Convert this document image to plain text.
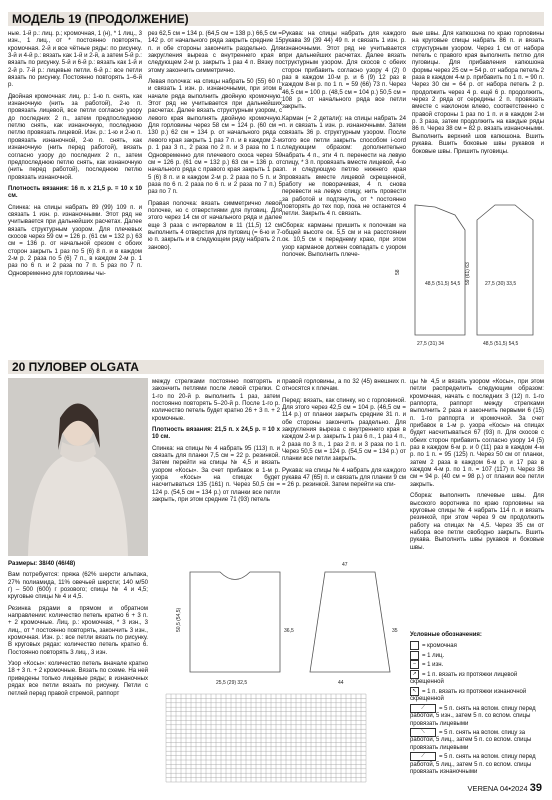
МОДЕЛЬ 19 (ПРОДОЛЖЕНИЕ)

ные. 1-й р.: лиц. р.; кромочная, 1 (н), * 1 лиц., 3 изн., 1 лиц., от * постоянно повторять, кромочная. 2-й и все чётные ряды: по рисунку. 3-й и 4-й р.: вязать как 1-й и 2-й, а затем 5-й р.: вязать по рисунку. 5-й и 6-й р.: вязать как 1-й и 2-й р. 7-й р.: лицевые петли. 6-й р.: все петли вязать по рисунку. Постоянно повторять 1–6-й р.

Двойная кромочная: лиц. р.: 1-ю п. снять, как изнаночную (нить за работой), 2-ю п. провязать лицевой, все петли согласно узору до последних 2 п., затем предпоследнюю петлю снять, как изнаночную, последнюю петлю провязать лицевой. Изн. р.: 1-ю и 2-ю п. провязать изнаночной, 2-ю п. снять, как изнаночную (нить перед работой), вязать согласно узору до последних 2 п., затем предпоследнюю петлю снять, как изнаночную (нить перед работой), последнюю петлю провязать изнаночной.

Плотность вязания: 16 п. х 21,5 р. = 10 х 10 см.

Спинка: на спицы набрать 89 (99) 109 п. и связать 1 изн. р. изнаночными. Этот ряд не учитывается при дальнейших расчетах. Далее вязать структурным узором. Для плечевых скосов через 59 см = 126 р. (61 см = 132 р.) 63 см = 136 р. от начальной срезом с обоих сторон закрыть 1 раз по 5 (6) 8 п. и в каждом 2-м р. 2 раза по 5 (6) 7 п., в каждом 2-м р. 1 раз по 6 п. и 2 раза по 7 п. 5 раз по 7 п. Одновременно для горловины чы-

рез 62,5 см = 134 р. (64,5 см = 138 р.) 66,5 см = 142 р. от начального ряда закрыть средние 15 п. и обе стороны закончить раздельно. Для закругления выреза с внутреннего края в следующем 2-м р. закрыть 1 раз 4 п. Вязку по этому закончить симметрично.

Левая полочка: на спицы набрать 50 (55) 60 п. и связать 1 изн. р. изнаночными, при этом в начале ряда выполнить двойную кромочную. Этот ряд не учитывается при дальнейших расчетах. Далее вязать структурным узором, с левого края выполнять двойную кромочную. Для горловины через 58 см = 124 р. (60 см = 130 р.) 62 см = 134 р. от начального ряда с левого края закрыть 1 раз 7 п. и в каждом 2-м р. 1 раз 3 п., 2 раза по 2 п. и 3 раза по 1 п. Одновременно для плечевого скоса через 59 см = 126 р. (61 см = 132 р.) 63 см = 136 р. от начального ряда с правого края закрыть 1 раз 5 (6) 8 п. и в каждом 2-м р. 2 раза по 5 п. и 3 раза по 6 п. 2 раза по 6 п. и 2 раза по 7 п.) 5 раз по 7 п.

Правая полочка: вязать симметрично левой полочке, но с отверстиями для пуговиц. Для этого через 14 см от начального ряда и далее еще 3 раза с интервалом в 11 (11,5) 12 см выполнить 4 отверстия для пуговиц (= 6-ю и 7-ю п. закрыть и в следующем ряду набрать 2 п. заново).

Рукава: на спицы набрать для каждого рукава 39 (39 44) 49 п. и связать 1 изн. р. изнаночными. Этот ряд не учитывается при дальнейших расчетах. Далее вязать структурным узором. Для скосов с обеих сторон прибавить согласно узору 4 (2) 0 раз в каждом 10-м р. и 6 (9) 12 раз в каждом 8-м р. по 1 п. = 59 (66) 73 п. Через 46,5 см = 100 р. (48,5 см = 104 р.) 50,5 см = 108 р. от начального ряда все петли закрыть.

Карман (= 2 детали): на спицы набрать 24 п. и связать 1 изн. р. изнаночными. Затем связать 36 р. структурным узором. После этого все петли закрыть способом i-cord следующим образом: дополнительно набрать 4 п., эти 4 п. перенести на левую спицу, * 3 п. провязать вместе лицевой, 4-ю п. и следующую петлю нижнего края провязать вместе лицевой скрещенной, работу не поворачивая, 4 п. снова перевести на левую спицу, нить провести за работой и подтянуть, от * постоянно повторять до тех пор, пока не останется 4 петли. Закрыть 4 п. связать.

Сборка: карманы пришить к полочкам на общей высоте ок. 5,5 см и на расстоянии ок. 10,5 см к переднему краю, при этом узор карманов должен совпадать с узором полочек. Выполнить плече-

вые швы. Для капюшона по краю горловины на круговые спицы набрать 86 п. и вязать структурным узором. Через 1 см от набора петель с правого края выполнить петлю для пуговицы. Для прибавления капюшона формы через 25 см = 54 р. от набора петель 2 раза в каждом 4-м р. прибавить по 1 п. = 90 п. Через 30 см = 64 р. от набора петель 2 р. продолжить через 4 р. ещё 6 р. продолжить, через 2 ряда от середины 2 п. провязать вместе с наклоном влево, соответственно с правой стороны 1 раз по 1 п. и в каждом 2-м р. 3 раза, затем продолжить на каждые ряды 86 п. Через 38 см = 82 р. вязать изнаночными. Выполнить верхний шов капюшона. Вшить рукава. Вшить боковые швы рукавов и боковые швы. Пришить пуговицы.

27,5 (31) 34	48,5 (51,5) 54,5
58	59 (61) 63
48,5 (51,5) 54,5	27,5 (30) 33,5
20 ПУЛОВЕР OLGATA

Размеры: 38/40 (46/48)

Вам потребуется: пряжа (62% шерсти альпака, 27% полиамида, 11% овечьей шерсти; 140 м/50 г) – 500 (600) г розового; спицы № 4 и 4,5; круговые спицы № 4 и 4,5.

Резинка рядами в прямом и обратном направлении: количество петель кратно 6 + 3 п. + 2 кромочные. Лиц. р.: кромочная, * 3 изн., 3 лиц., от * постоянно повторять, закончить 3 изн., кромочная. Изн. р.: все петли вязать по рисунку. В круговых рядах: количество петель кратно 6. Постоянно повторять 3 лиц., 3 изн.

Узор «Косы»: количество петель вначале кратно 18 + 3 п. + 2 кромочные. Вязать по схеме. На ней приведены только лицевые ряды; в изнаночных рядах все петли вязать по рисунку. Петли с петлей перед правой стремой, раппорт

между стрелками постоянно повторять и закончить петлями после левой стрелки. С 1-го по 20-й р. выполнить 1 раз, затем постоянно повторять 5–20-й р. После 1-го р. количество петель будет кратно 26 + 3 п. + 2 кромочные.

Плотность вязания: 21,5 п. х 24,5 р. = 10 х 10 см.

Спинка: на спицы № 4 набрать 95 (113) п. и связать для планки 7,5 см = 22 р. резинкой. Затем перейти на спицы № 4,5 и вязать узором «Косы». За счет прибавок в 1-м р. узора «Косы» на спицах будет насчитываться 135 (161) п. Через 50,5 см = 124 р. (54,5 см = 134 р.) от планки все петли закрыть, при этом средние 71 (93) петель

правой горловины, а по 32 (45) внешних п. относятся к плечам.

Перед: вязать, как спинку, но с горловиной. Для этого через 42,5 см = 104 р. (46,5 см = 114 р.) от планки закрыть средние 31 п. и обе стороны закончить раздельно. Для закругления выреза с внутреннего края в каждом 2-м р. закрыть 1 раз 6 п., 1 раз 4 п., 2 раза по 3 п., 1 раз 2 п. и 3 раза по 1 п. Через 50,5 см = 124 р. (54,5 см = 134 р.) от планки все петли закрыть.

Рукава: на спицы № 4 набрать для каждого рукава 47 (65) п. и связать для планки 9 см = 26 р. резинкой. Затем перейти на спи-

цы № 4,5 и вязать узором «Косы», при этом петли распределить следующим образом: кромочная, начать с последних 3 (12) п. 1-го раппорта, раппорт между стрелками выполнить 2 раза и закончить первыми 6 (15) п. 1-го раппорта и кромочной. За счет прибавок в 1-м р. узора «Косы» на спицах будет насчитываться 67 (93) п. Для скосов с обеих сторон прибавить согласно узору 14 (5) раз в каждом 6-м р. и 0 (11) раз в каждом 4-м р. по 1 п. = 95 (125) п. Через 50 см от планки, затем 2 раза в каждом 6-м р. и 17 раз в каждом 4-м р. по 1 п. = 107 (117) п. Через 36 см = 94 р. (40 см = 98 р.) от планки все петли закрыть.

Сборка: выполнить плечевые швы. Для высокого воротника по краю горловины на круговые спицы № 4 набрать 114 п. и вязать резинкой, при этом через 9 см продолжить работу на спицах № 4,5. Через 35 см от набора все петли свободно закрыть. Вшить рукава. Выполнить швы рукавов и боковые швы.

25,5 (29) 32,5
50,5 (54,5)	36,5
47
44
35
Условные обозначения:
= кромочная
= 1 лиц.
– = 1 изн.
↗ = 1 п. вязать из протяжки лицевой скрещенной
↖ = 1 п. вязать из протяжки изнаночной скрещенной
⟋ = 5 п. снять на вспом. спицу перед работой, 5 изн., затем 5 п. со вспом. спицы провязать лицевыми
⟍ = 5 п. снять на вспом. спицу за работой, 5 лиц., затем 5 п. со вспом. спицы провязать лицевыми
⟋ = 5 п. снять на вспом. спицу перед работой, 5 лиц., затем 5 п. со вспом. спицы провязать изнаночными
VERENA 04•2024 39
